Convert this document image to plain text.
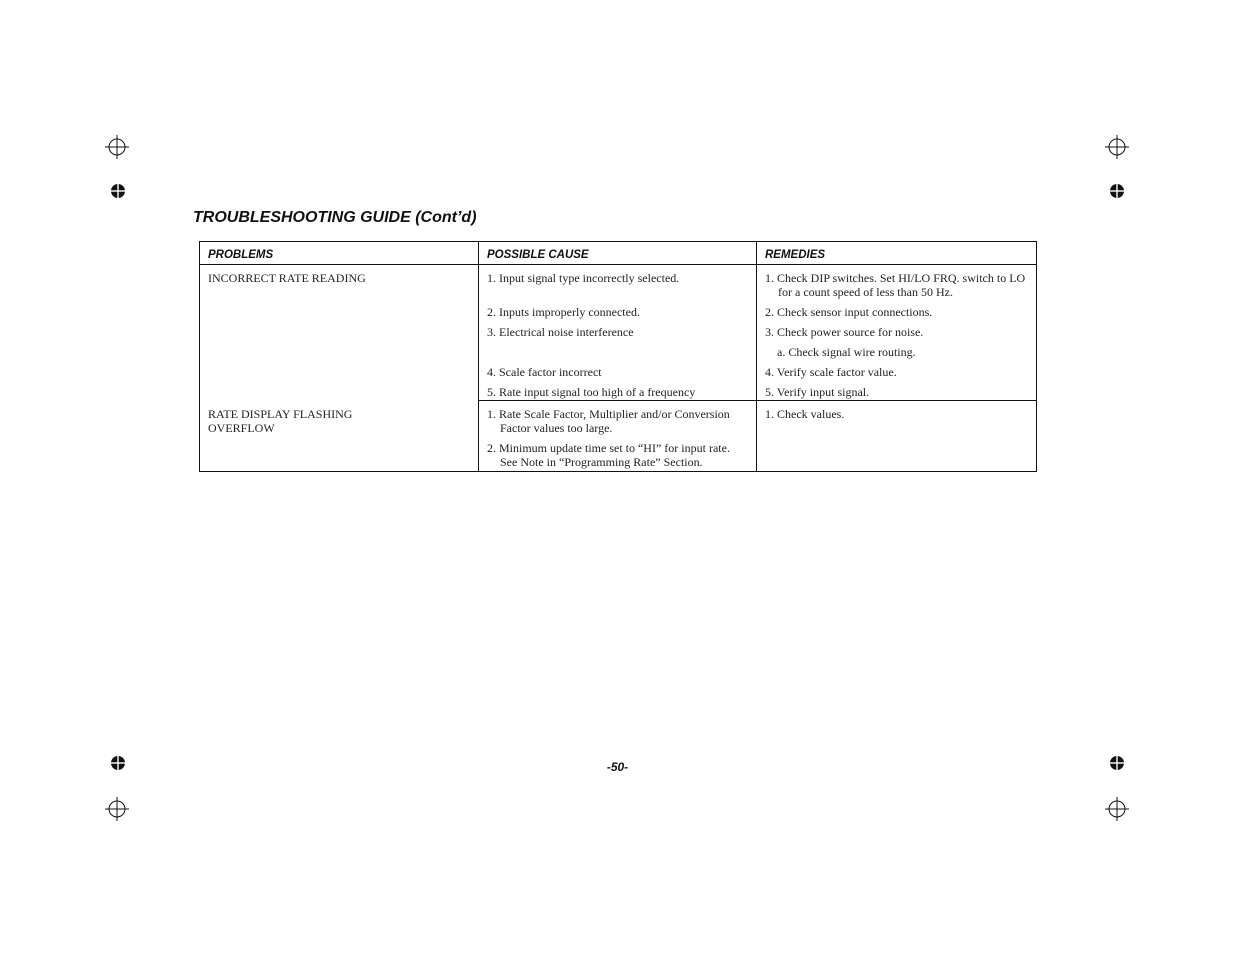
TROUBLESHOOTING GUIDE (Cont’d)
PROBLEMS	POSSIBLE CAUSE	REMEDIES

INCORRECT RATE READING	1. Input signal type incorrectly selected.	1. Check DIP switches. Set HI/LO FRQ. switch to LO for a count speed of less than 50 Hz.

	2. Inputs improperly connected.	2. Check sensor input connections.

	3. Electrical noise interference	3. Check power source for noise.

		a. Check signal wire routing.

	4. Scale factor incorrect	4. Verify scale factor value.

	5. Rate input signal too high of a frequency	5. Verify input signal.

RATE DISPLAY FLASHING
OVERFLOW	1. Rate Scale Factor, Multiplier and/or Conversion Factor values too large.	1. Check values.

	2. Minimum update time set to “HI” for input rate. See Note in “Programming Rate” Section.	

-50-
